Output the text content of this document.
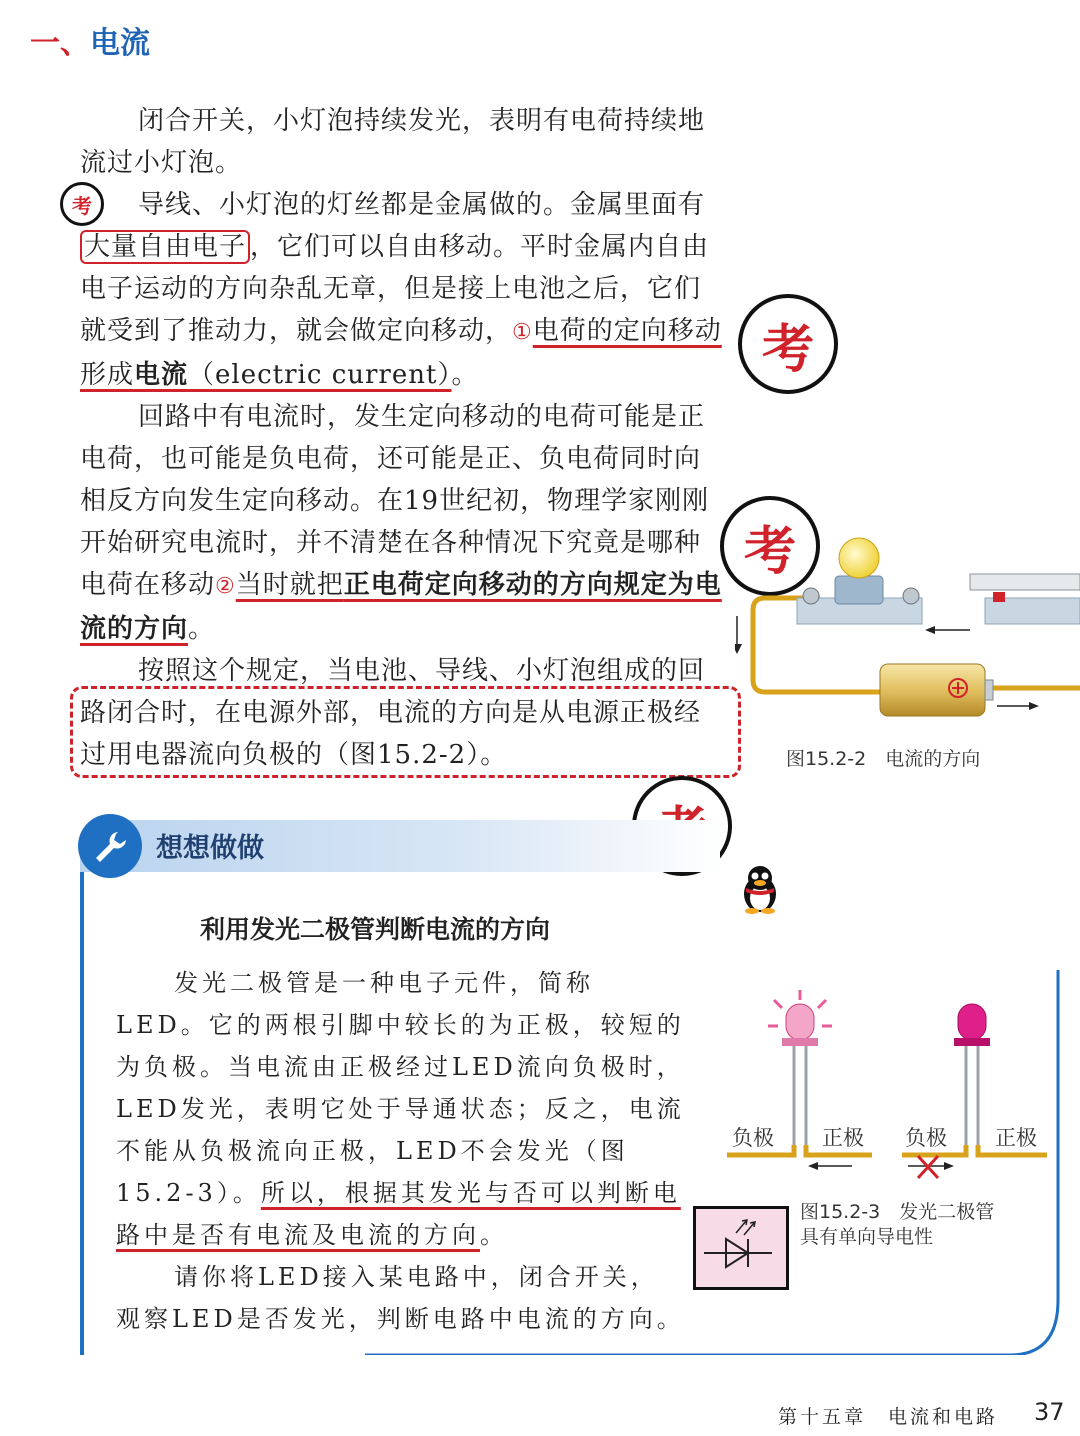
一、电流

闭合开关，小灯泡持续发光，表明有电荷持续地流过小灯泡。

导线、小灯泡的灯丝都是金属做的。金属里面有大量自由电子 ，它们可以自由移动。平时金属内自由电子运动的方向杂乱无章，但是接上电池之后，它们就受到了推动力，就会做定向移动，①电荷的定向移动形成电流（electric current）。

回路中有电流时，发生定向移动的电荷可能是正电荷，也可能是负电荷，还可能是正、负电荷同时向相反方向发生定向移动。在19世纪初，物理学家刚刚开始研究电流时，并不清楚在各种情况下究竟是哪种电荷在移动②当时就把正电荷定向移动的方向规定为电流的方向。

按照这个规定，当电池、导线、小灯泡组成的回路闭合时，在电源外部，电流的方向是从电源正极经过用电器流向负极的（图15.2-2）。

考
考
考
图15.2-2　电流的方向
想想做做
利用发光二极管判断电流的方向

发光二极管是一种电子元件，简称LED。它的两根引脚中较长的为正极，较短的为负极。当电流由正极经过LED流向负极时，LED发光，表明它处于导通状态；反之，电流不能从负极流向正极，LED不会发光（图15.2-3）。所以，根据其发光与否可以判断电路中是否有电流及电流的方向。

请你将LED接入某电路中，闭合开关，观察LED是否发光，判断电路中电流的方向。

负极 正极 负极 正极
图15.2-3　发光二极管
具有单向导电性
第十五章　电流和电路 37
